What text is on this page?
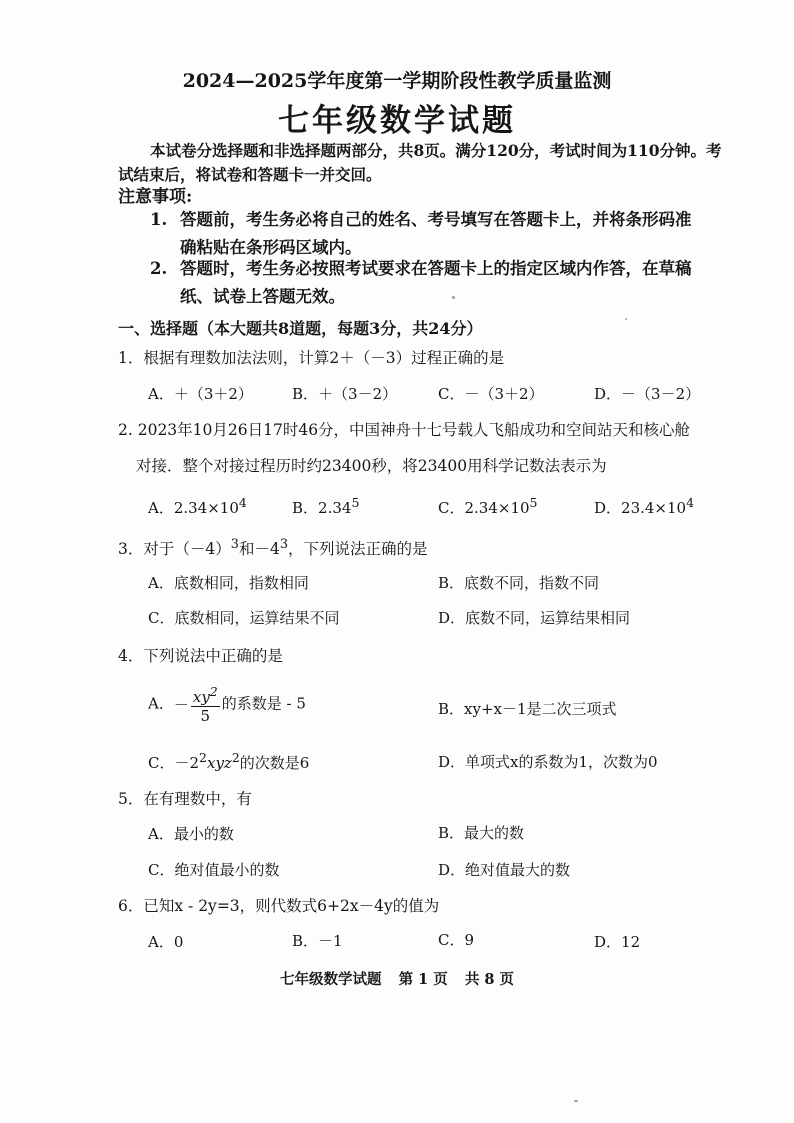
2024—2025学年度第一学期阶段性教学质量监测
七年级数学试题
本试卷分选择题和非选择题两部分，共8页。满分120分，考试时间为110分钟。考试结束后，将试卷和答题卡一并交回。
注意事项:
1. 答题前，考生务必将自己的姓名、考号填写在答题卡上，并将条形码准确粘贴在条形码区域内。
2. 答题时，考生务必按照考试要求在答题卡上的指定区域内作答，在草稿纸、试卷上答题无效。
一、选择题（本大题共8道题，每题3分，共24分）
1．根据有理数加法法则，计算2＋（－3）过程正确的是
A．＋（3＋2）	B．＋（3－2）	C．－（3＋2）	D．－（3－2）
2. 2023年10月26日17时46分，中国神舟十七号载人飞船成功和空间站天和核心舱
对接．整个对接过程历时约23400秒，将23400用科学记数法表示为
A．$2.34\times 10^4$	B．2.34$^5$	C．$2.34\times 10^5$	D．$23.4\times 10^4$
3．对于$(-4)^3$和$-4^3$，下列说法正确的是
A．底数相同，指数相同	B．底数不同，指数不同
C．底数相同，运算结果不同	D．底数不同，运算结果相同
4．下列说法中正确的是
A．－ $\frac{xy^2}{5}$ 的系数是 - 5	B．xy+x－1是二次三项式
C．$-2^2xyz^2$的次数是6	D．单项式x的系数为1，次数为0
5．在有理数中，有
A．最小的数	B．最大的数
C．绝对值最小的数	D．绝对值最大的数
6．已知x - 2y=3，则代数式6+2x－4y的值为
A．0	B．－1	C．9	D．12
七年级数学试题 第 1 页 共 8 页
